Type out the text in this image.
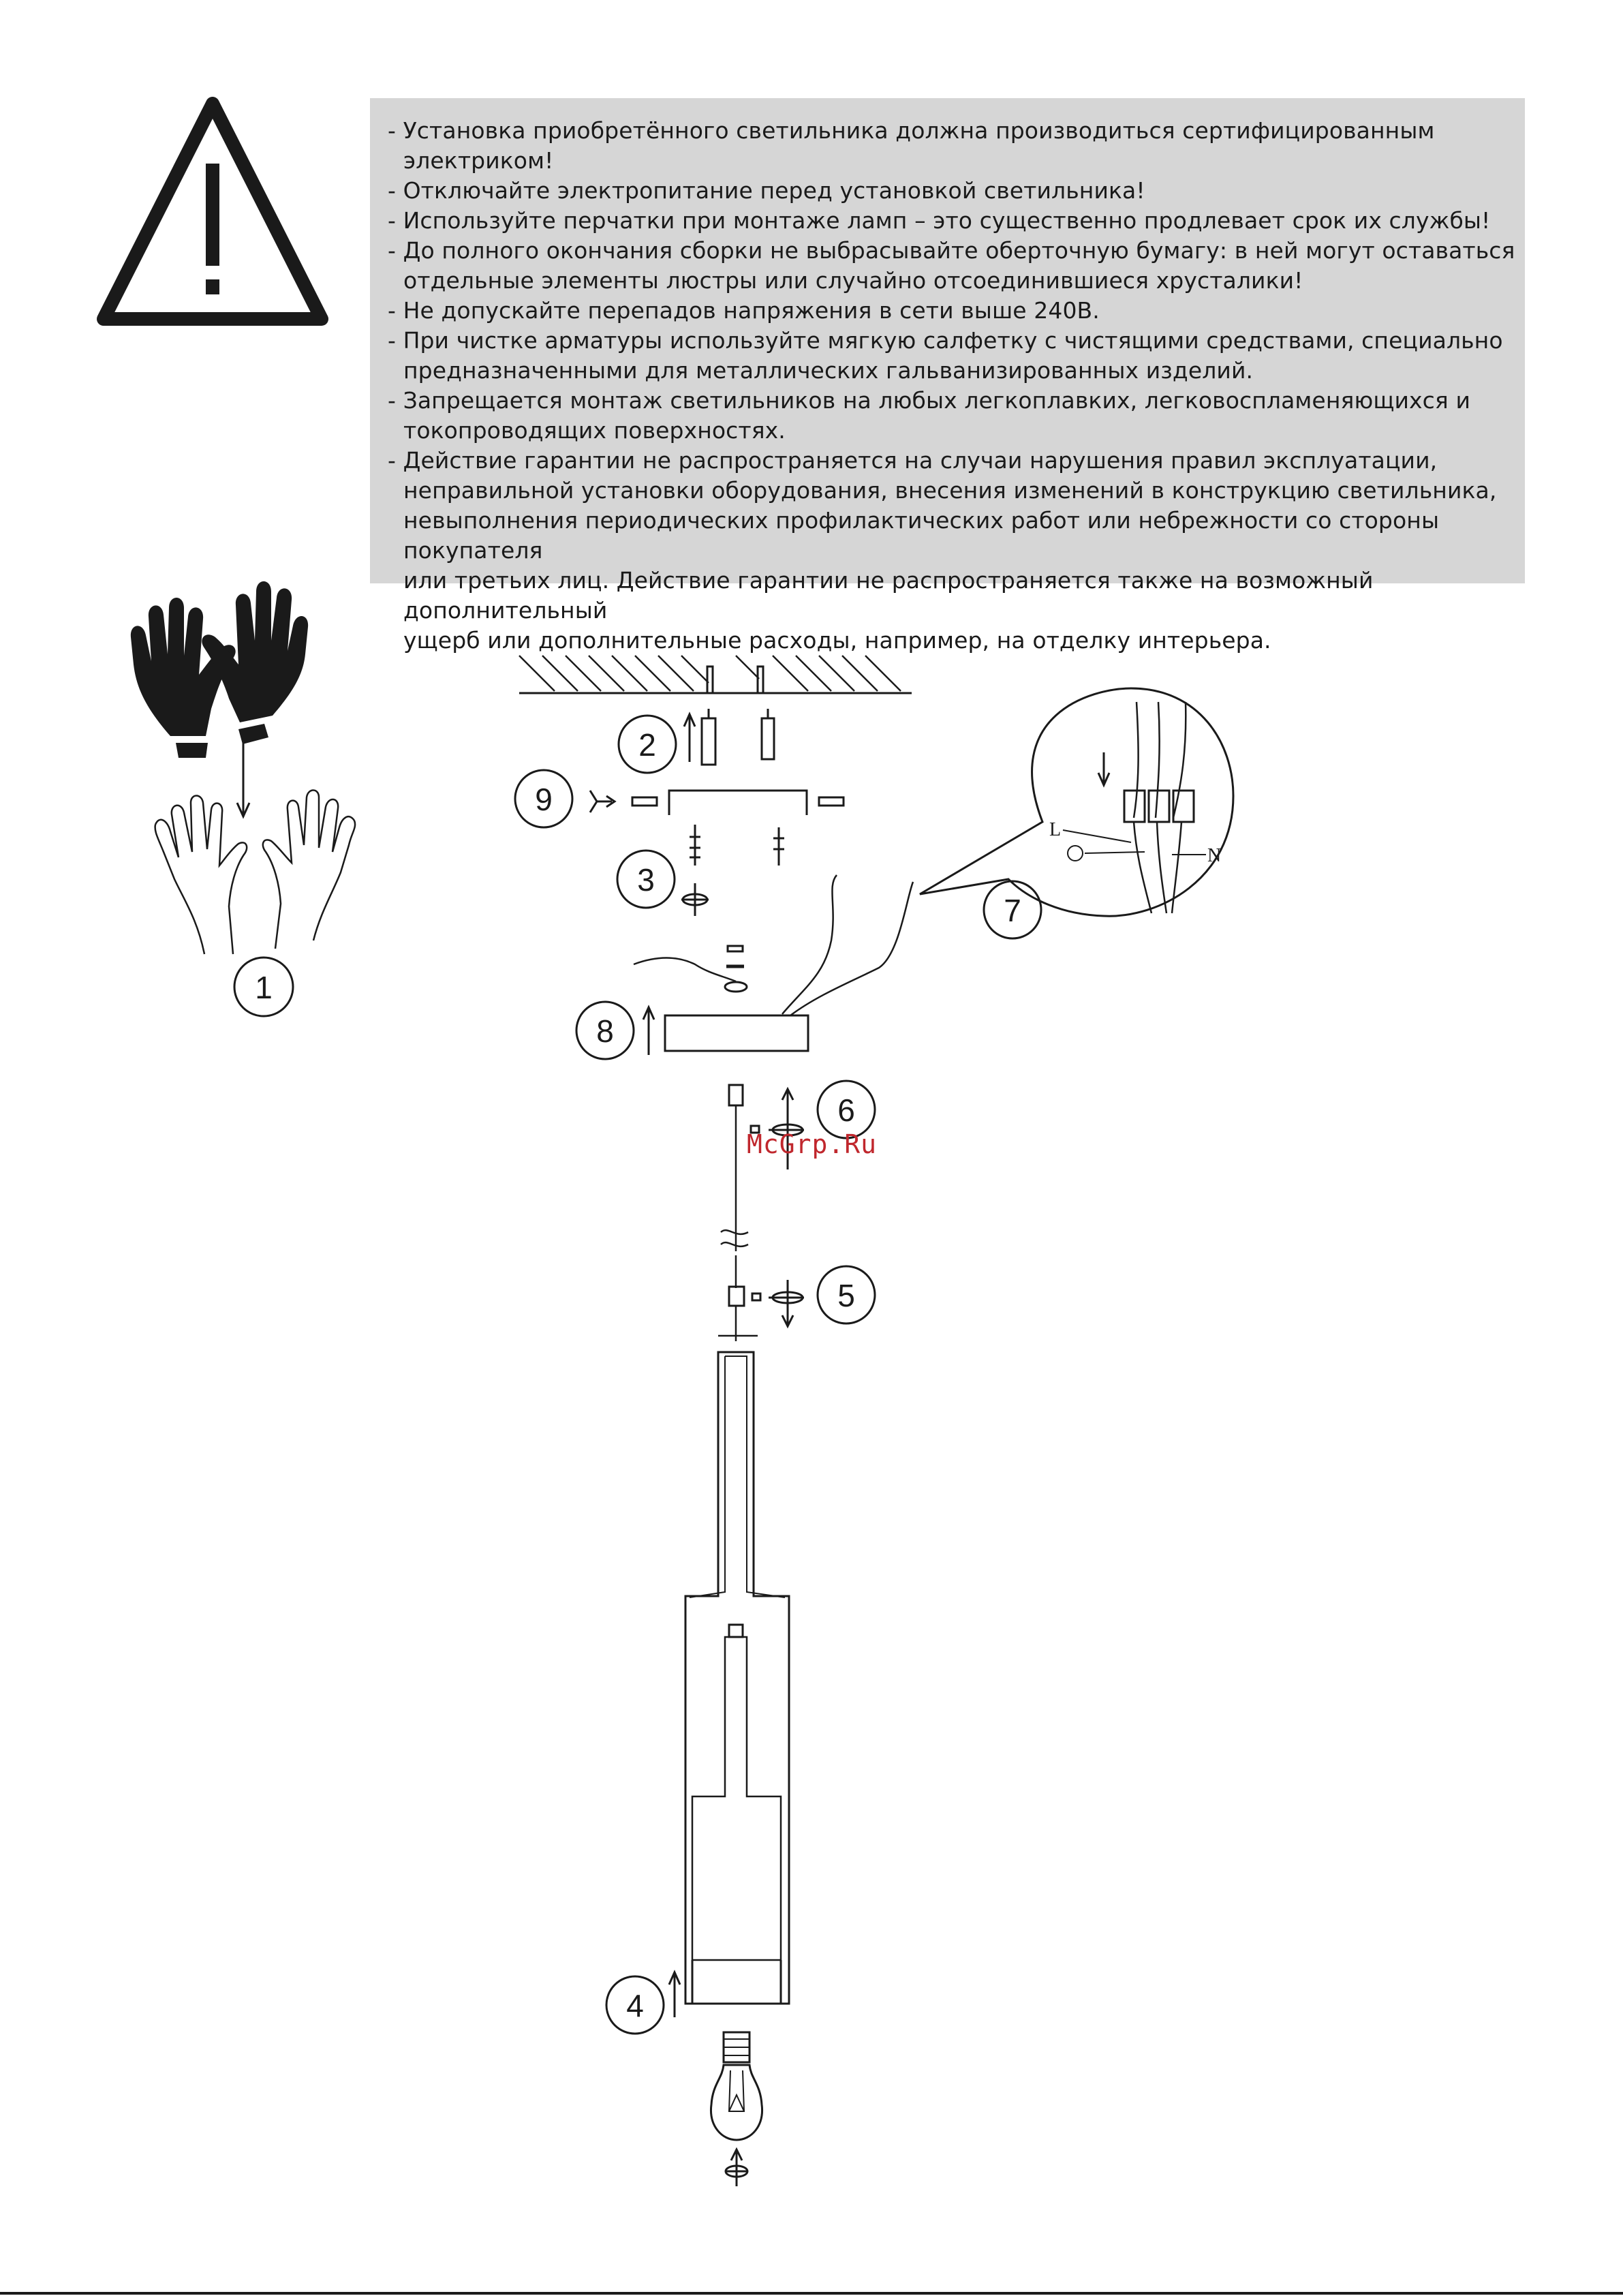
- Установка приобретённого светильника должна производиться сертифицированным электриком!
- Отключайте электропитание перед установкой светильника!
- Используйте перчатки при монтаже ламп – это существенно продлевает срок их службы!
- До полного окончания сборки не выбрасывайте оберточную бумагу: в ней могут оставаться
отдельные элементы люстры или случайно отсоединившиеся хрусталики!
- Не допускайте перепадов напряжения в сети выше 240В.
- При чистке арматуры используйте мягкую салфетку с чистящими средствами, специально
предназначенными для металлических гальванизированных изделий.
- Запрещается монтаж светильников на любых легкоплавких, легковоспламеняющихся и
токопроводящих поверхностях.
- Действие гарантии не распространяется на случаи нарушения правил эксплуатации,
неправильной установки оборудования, внесения изменений в конструкцию светильника,
невыполнения периодических профилактических работ или небрежности со стороны покупателя
или третьих лиц. Действие гарантии не распространяется также на возможный дополнительный
ущерб или дополнительные расходы, например, на отделку интерьера.
1
2
3
4
5
6
7
8
9
L
N
McGrp.Ru
